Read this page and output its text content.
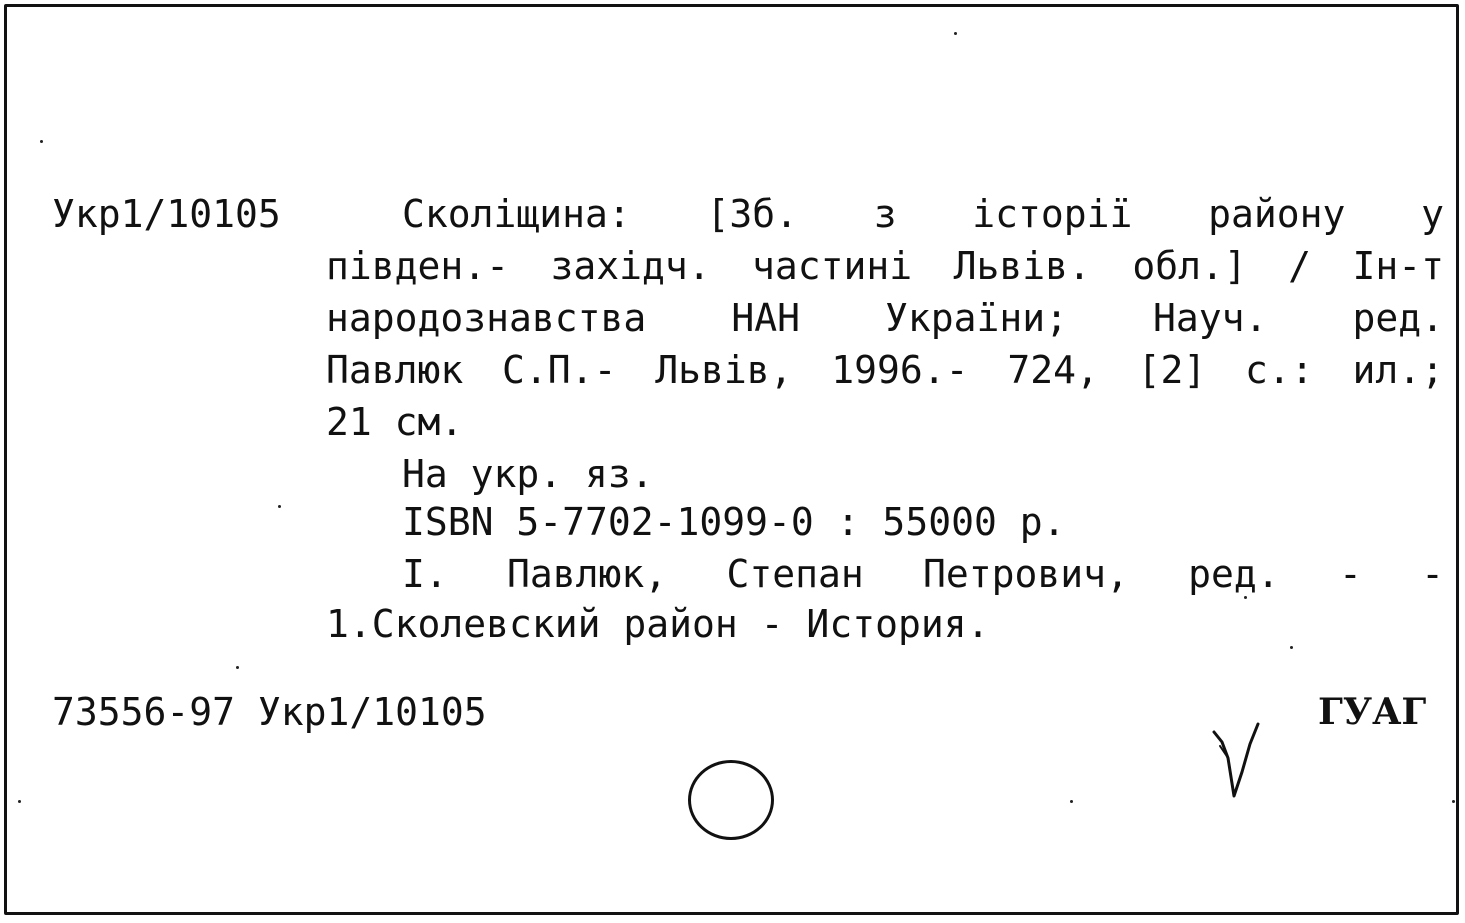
Укр1/10105	Сколіщина: [Зб. з історії району у
півден.- західч. частині Львів. обл.] / Ін-т
народознавства НАН України; Науч. ред.
Павлюк С.П.- Львів, 1996.- 724, [2] с.: ил.;
21 см.
На укр. яз.
ISBN 5-7702-1099-0 : 55000 р.
I. Павлюк, Степан Петрович, ред. - -
1.Сколевский район - История.
73556-97 Укр1/10105	ГУАГ
